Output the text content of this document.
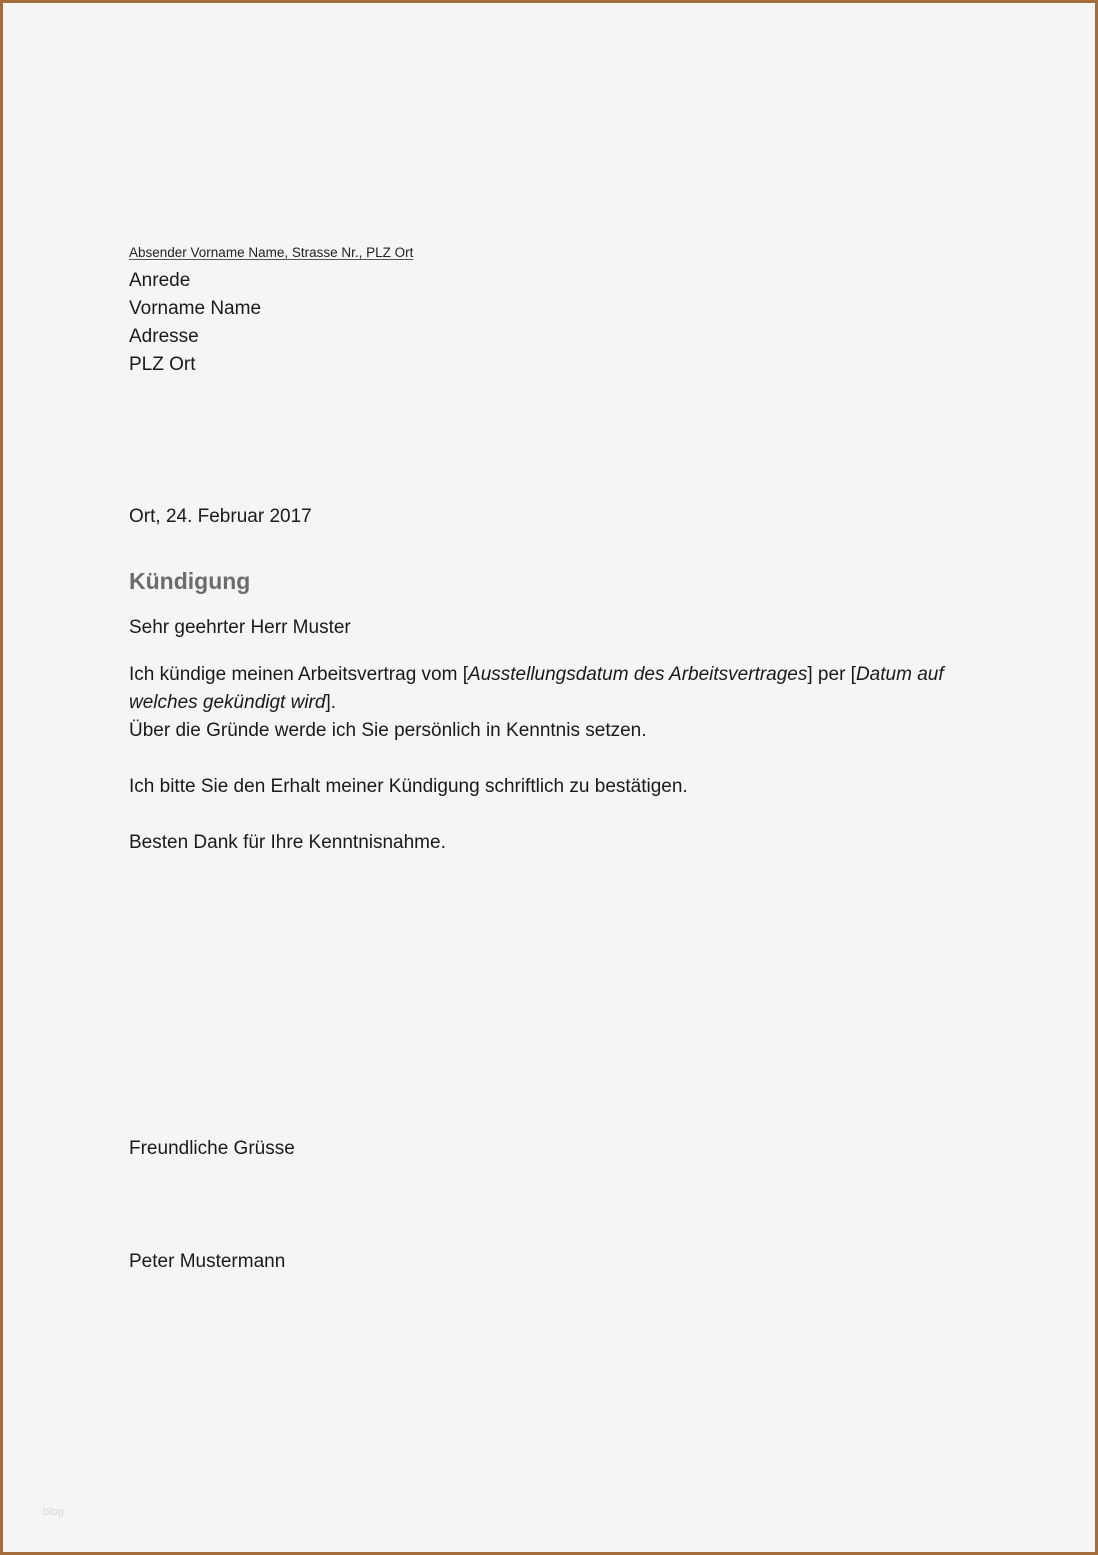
Absender Vorname Name, Strasse Nr., PLZ Ort
Anrede
Vorname Name
Adresse
PLZ Ort
Ort, 24. Februar 2017
Kündigung
Sehr geehrter Herr Muster
Ich kündige meinen Arbeitsvertrag vom [Ausstellungsdatum des Arbeitsvertrages] per [Datum auf welches gekündigt wird].
Über die Gründe werde ich Sie persönlich in Kenntnis setzen.
Ich bitte Sie den Erhalt meiner Kündigung schriftlich zu bestätigen.
Besten Dank für Ihre Kenntnisnahme.
Freundliche Grüsse
Peter Mustermann
blog
